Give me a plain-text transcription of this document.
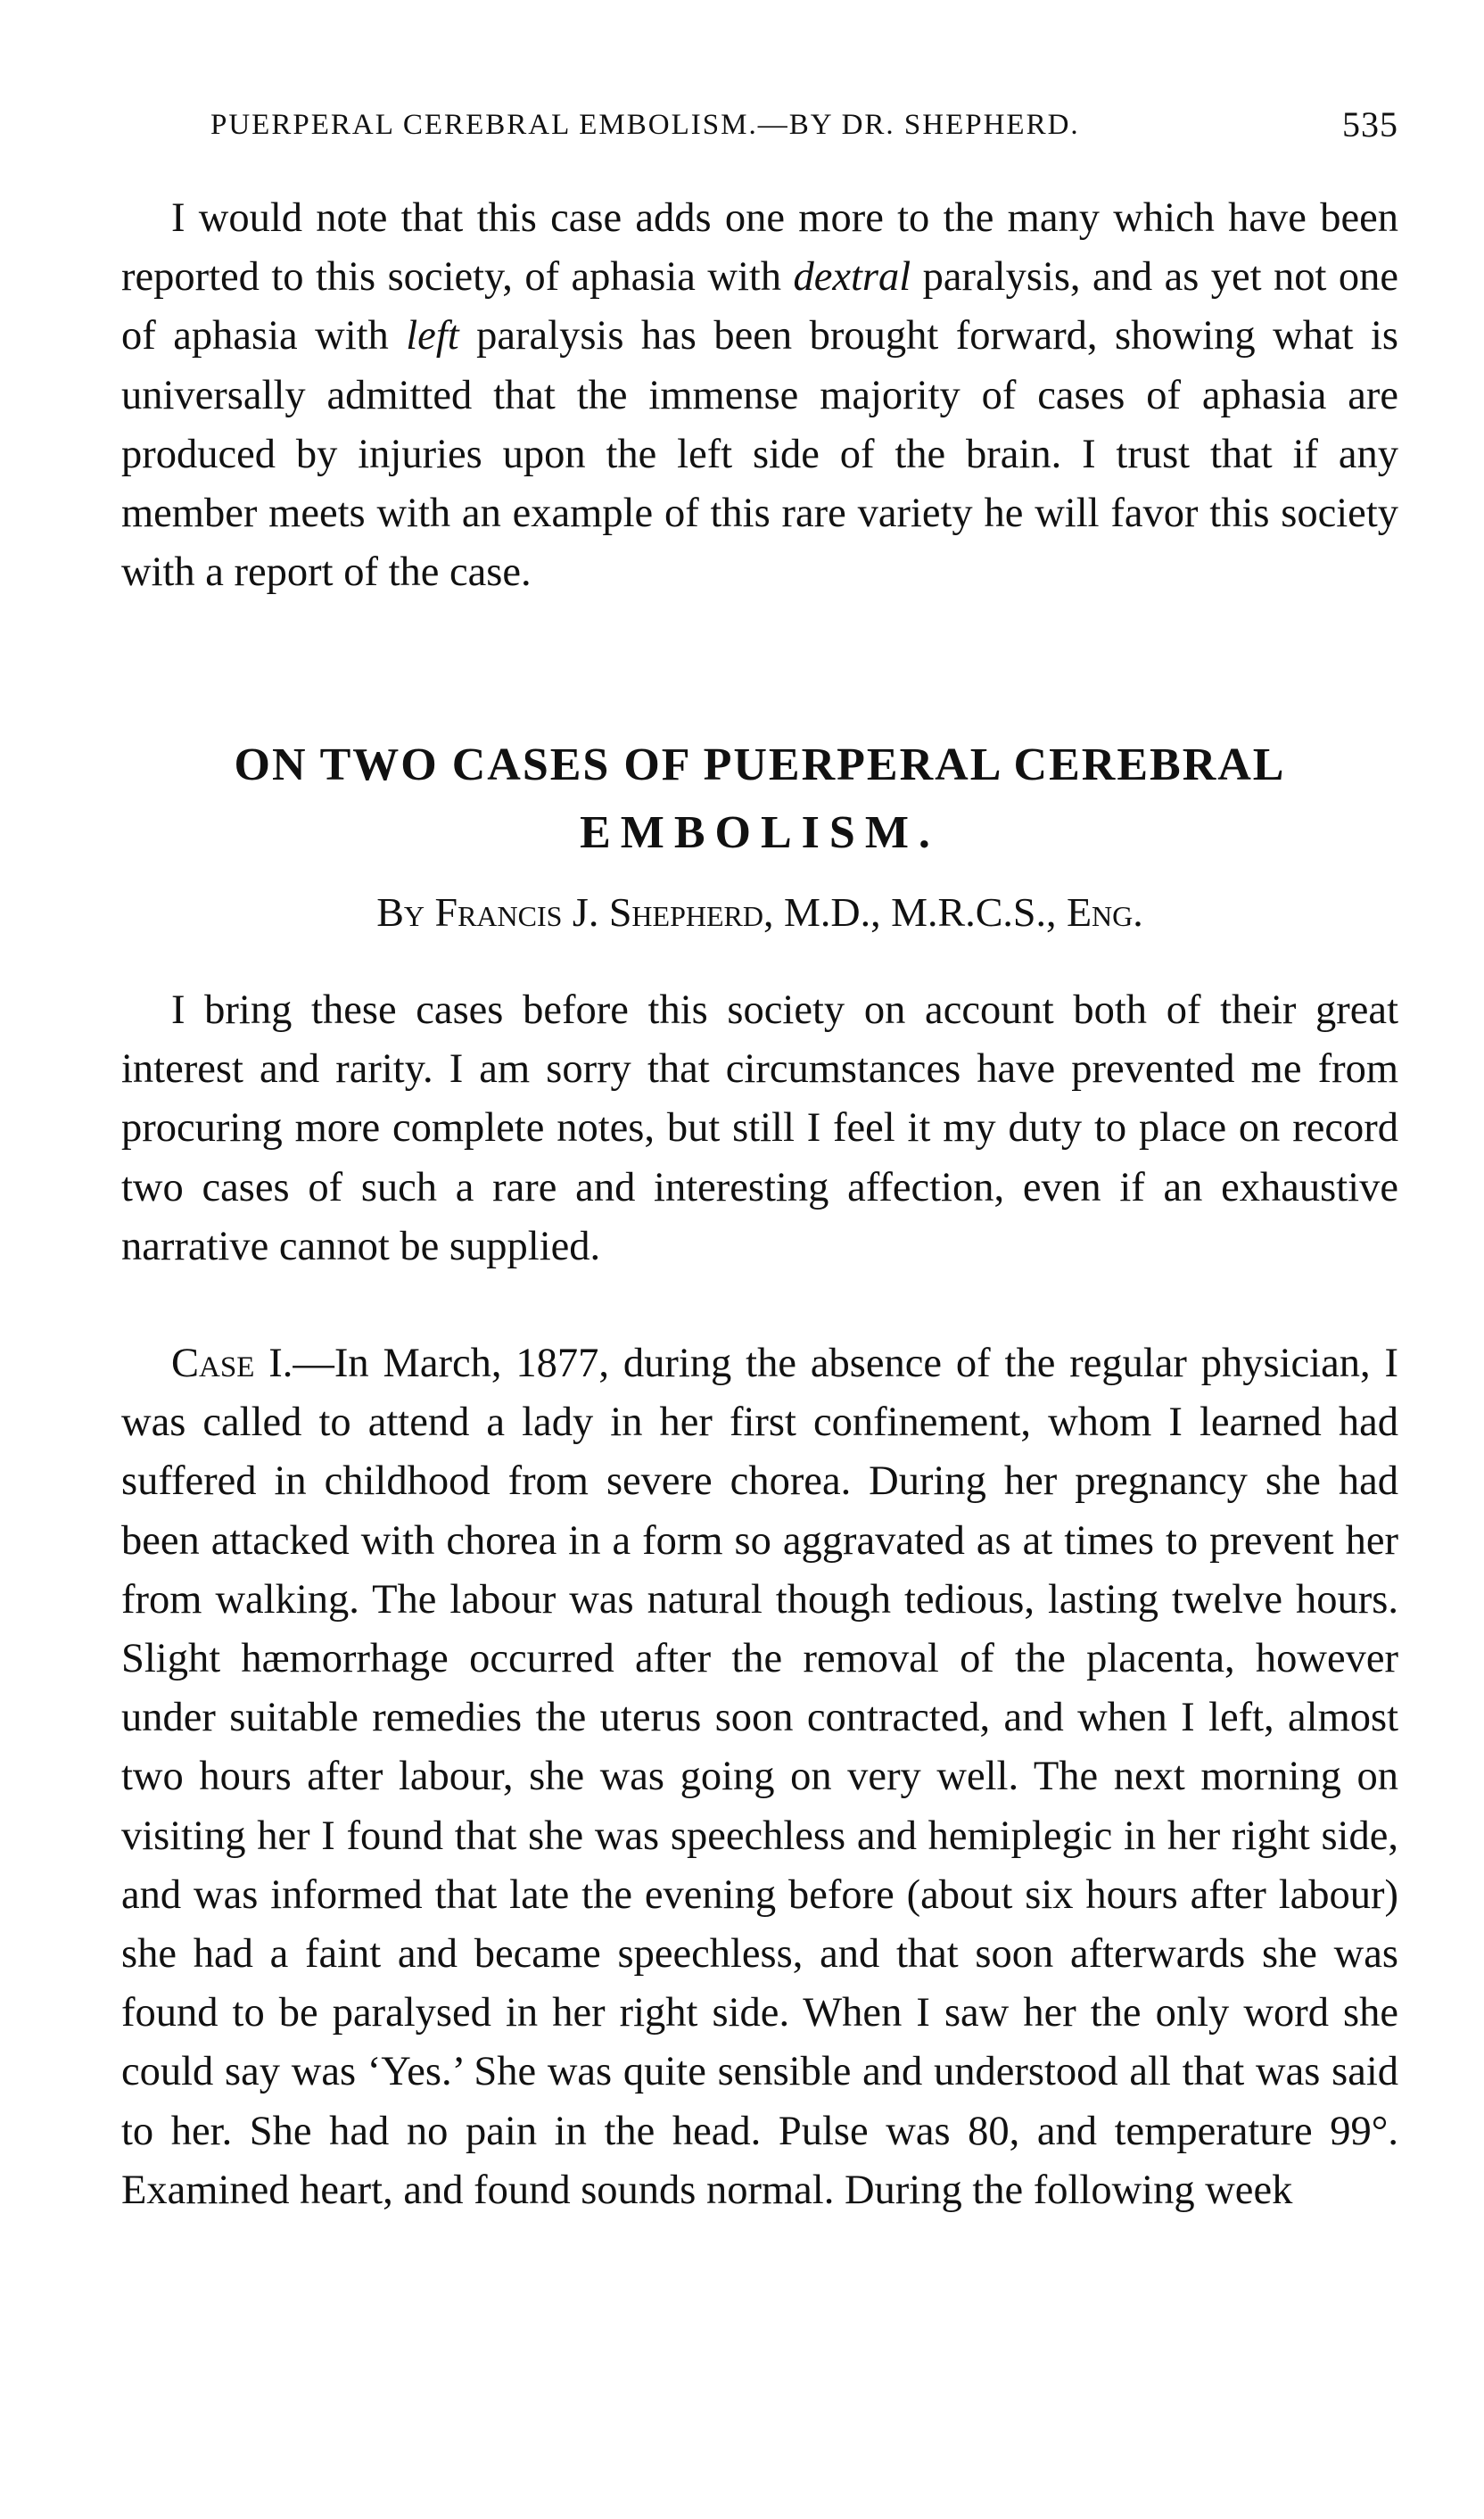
PUERPERAL CEREBRAL EMBOLISM.—BY DR. SHEPHERD.	535

I would note that this case adds one more to the many which have been reported to this society, of aphasia with dextral paralysis, and as yet not one of aphasia with left paralysis has been brought forward, showing what is universally admitted that the immense majority of cases of aphasia are produced by injuries upon the left side of the brain. I trust that if any member meets with an example of this rare variety he will favor this society with a report of the case.

ON TWO CASES OF PUERPERAL CEREBRAL
EMBOLISM.

By Francis J. Shepherd, M.D., M.R.C.S., Eng.

I bring these cases before this society on account both of their great interest and rarity. I am sorry that circumstances have prevented me from procuring more complete notes, but still I feel it my duty to place on record two cases of such a rare and interesting affection, even if an exhaustive narrative cannot be supplied.

Case I.—In March, 1877, during the absence of the regular physician, I was called to attend a lady in her first confinement, whom I learned had suffered in childhood from severe chorea. During her pregnancy she had been attacked with chorea in a form so aggravated as at times to prevent her from walking. The labour was natural though tedious, lasting twelve hours. Slight hæmorrhage occurred after the removal of the placenta, however under suitable remedies the uterus soon contracted, and when I left, almost two hours after labour, she was going on very well. The next morning on visiting her I found that she was speechless and hemiplegic in her right side, and was informed that late the evening before (about six hours after labour) she had a faint and became speechless, and that soon afterwards she was found to be paralysed in her right side. When I saw her the only word she could say was ‘Yes.’ She was quite sensible and understood all that was said to her. She had no pain in the head. Pulse was 80, and temperature 99°. Examined heart, and found sounds normal. During the following week
